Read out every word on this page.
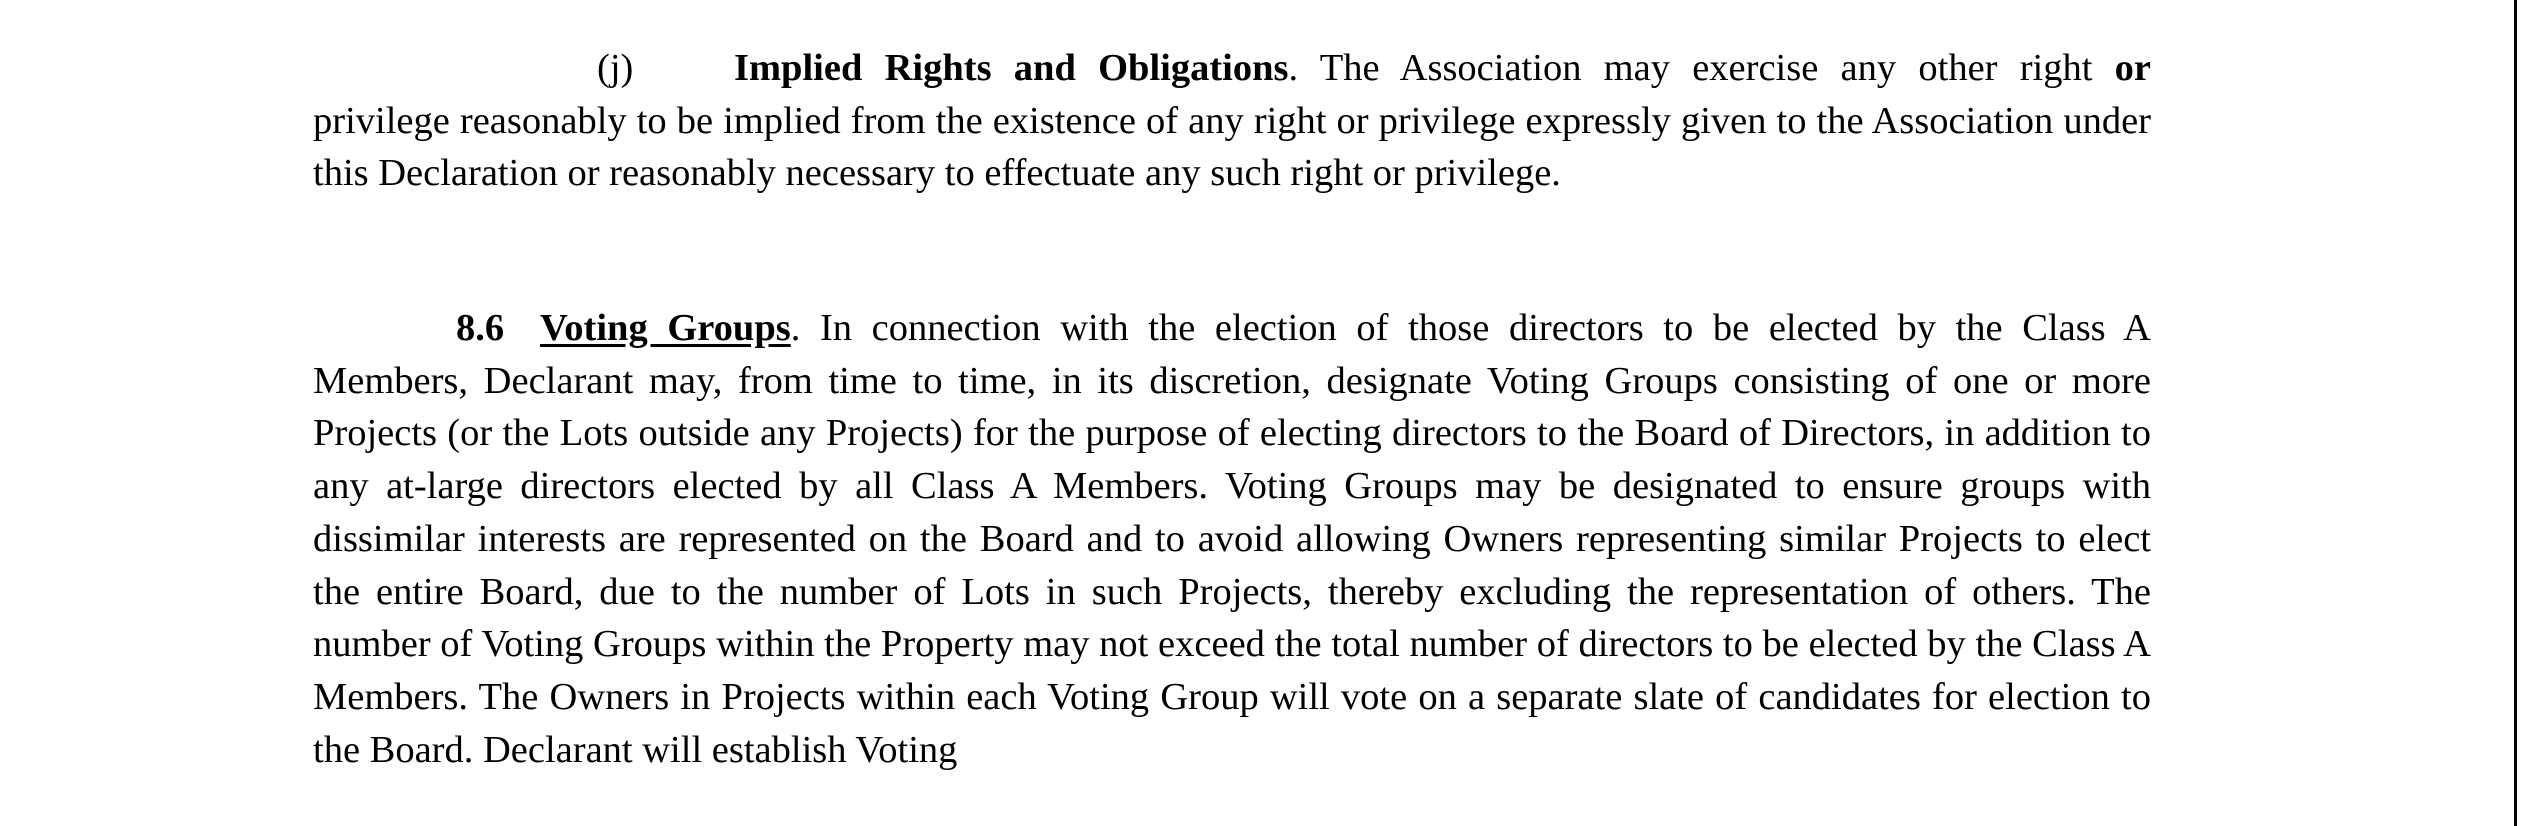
(j)	Implied Rights and Obligations. The Association may exercise any other right or privilege reasonably to be implied from the existence of any right or privilege expressly given to the Association under this Declaration or reasonably necessary to effectuate any such right or privilege.

8.6 Voting Groups. In connection with the election of those directors to be elected by the Class A Members, Declarant may, from time to time, in its discretion, designate Voting Groups consisting of one or more Projects (or the Lots outside any Projects) for the purpose of electing directors to the Board of Directors, in addition to any at-large directors elected by all Class A Members. Voting Groups may be designated to ensure groups with dissimilar interests are represented on the Board and to avoid allowing Owners representing similar Projects to elect the entire Board, due to the number of Lots in such Projects, thereby excluding the representation of others. The number of Voting Groups within the Property may not exceed the total number of directors to be elected by the Class A Members. The Owners in Projects within each Voting Group will vote on a separate slate of candidates for election to the Board. Declarant will establish Voting
